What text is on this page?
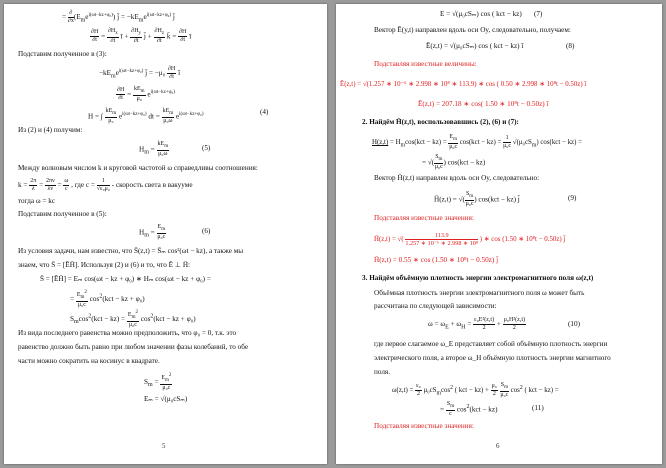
=
∂
∂x $(E_me^{i(\omega t-kz+\varphi_0)})$ j̄ = $-kE_me^{i(\omega t-kz+\varphi_0)}$ j̄
$\frac{\partial H}{\partial t} = \frac{\partial H_x}{\partial t}$ ī + $\frac{\partial H_y}{\partial t}$ j̄ + $\frac{\partial H_z}{\partial t}$ k̄ = $\frac{\partial H}{\partial t}$ ī
Подставим полученное в (3):
$-kE_me^{i(\omega t-kz+\varphi_0)}$ j̄ = $-\mu_0 \frac{\partial H}{\partial t}$ ī
$\frac{\partial H}{\partial t}$ =
$kE_m$
μ₀
$e^{i(\omega t-kz+\varphi_0)}$
H = ∫
$kE_m$
μ₀
$e^{i(\omega t-kz+\varphi_0)}$ dt =
$kE_m$
μ₀ω
$e^{i(\omega t-kz+\varphi_0)}$	(4)
Из (2) и (4) получим:
$H_m$ =
$kE_m$
μ₀ω
(5)
Между волновым числом k и круговой частотой ω справедливы соотношения:
$k = \frac{2\pi}{\lambda} = \frac{2\pi\nu}{\lambda\nu} = \frac{\omega}{c}$ , где $c = \frac{1}{\text{√ε₀μ₀}}$ - скорость света в вакууме
тогда ω = kc
Подставим полученное в (5):
$H_m = \frac{E_m}{\text{μ₀c}}$	(6)
Из условия задачи, нам известно, что S̄(z,t) = S̄ₘ cos²(ωt − kz), а также мы
знаем, что S̄ = [ĒH̄]. Используя (2) и (6) и то, что Ē ⊥ H̄:
S̄ = [ĒH̄] = Eₘ cos(ωt − kz + φ₀) ∗ Hₘ cos(ωt − kz + φ₀) =
= $\frac{E_m^2}{\text{μ₀c}} \cos^2(kct$ − kz + φ₀)
$S_m\cos^2(kct - kz) = \frac{E_m^2}{\text{μ₀c}} \cos^2(kct$ − kz + φ₀)
Из вида последнего равенства можно предположить, что φ₀ = 0, т.к. это
равенство должно быть равно при любом значении фазы колебаний, то обе
части можно сократить на косинус в квадрате.
$S_m = \frac{E_m^2}{\text{μ₀c}}$
Eₘ = √(μ₀cSₘ)
5
E = √(μ₀cSₘ) cos ( kct − kz) (7)
Вектор Ē(y,t) направлен вдоль оси Oy, следовательно, получаем:
Ē(z,t) = √(μ₀cSₘ) cos ( kct − kz) ī	(8)
Подставляя известные величины:
Ē(z,t) = √(1.257 ∗ 10⁻⁶ ∗ 2.998 ∗ 10⁸ ∗ 113.9) ∗ cos ( 0.50 ∗ 2.998 ∗ 10⁸t − 0.50z) ī
Ē(z,t) = 207.18 ∗ cos( 1.50 ∗ 10⁸t − 0.50z) ī
2. Найдём H̄(z,t), воспользовавшись (2), (6) и (7):
$H(z,t) = H_m\cos(kct - kz) = \frac{E_m}{\text{μ₀c}} \cos(kct - kz) = \frac{1}{\text{μ₀c}} √(\mu_0cS_m) \cos(kct - kz)$ =
= √( $\frac{S_m}{\text{μ₀c}}$ ) cos(kct − kz)
Вектор H̄(z,t) направлен вдоль оси Oy, следовательно:
H̄(z,t) = √( $\frac{S_m}{\text{μ₀c}}$ ) cos(kct − kz) j̄	(9)
Подставляя известные значения:
H̄(z,t) = √( $\frac{113.9}{\text{1.257 ∗ 10⁻⁶ ∗ 2.998 ∗ 10⁸}}$ ) ∗ cos (1.50 ∗ 10⁸t − 0.50z) j̄
H̄(z,t) = 0.55 ∗ cos (1.50 ∗ 10⁸t − 0.50z) j̄
3. Найдём объёмную плотность энергии электромагнитного поля ω(z,t)
Объёмная плотность энергии электромагнитного поля ω может быть
рассчитана по следующей зависимости:
$\omega = \omega_E + \omega_H = \frac{\text{ε₀E²(z,t)}}{2} + \frac{\text{μ₀H²(z,t)}}{2}$	(10)
где первое слагаемое ω_E представляет собой объёмную плотность энергии
электрического поля, а второе ω_H объёмную плотность энергии магнитного
поля.
$\omega(z,t) = \frac{\text{ε₀}}{2} \mu_0cS_m\cos^2$ ( kct − $kz) + \frac{\text{μ₀}}{2}$
$\frac{S_m}{\text{μ₀c}} \cos^2$ ( kct − kz) =
= $\frac{S_m}{c} \cos^2(kct - kz)$	(11)
Подставляя известные значения:
6
